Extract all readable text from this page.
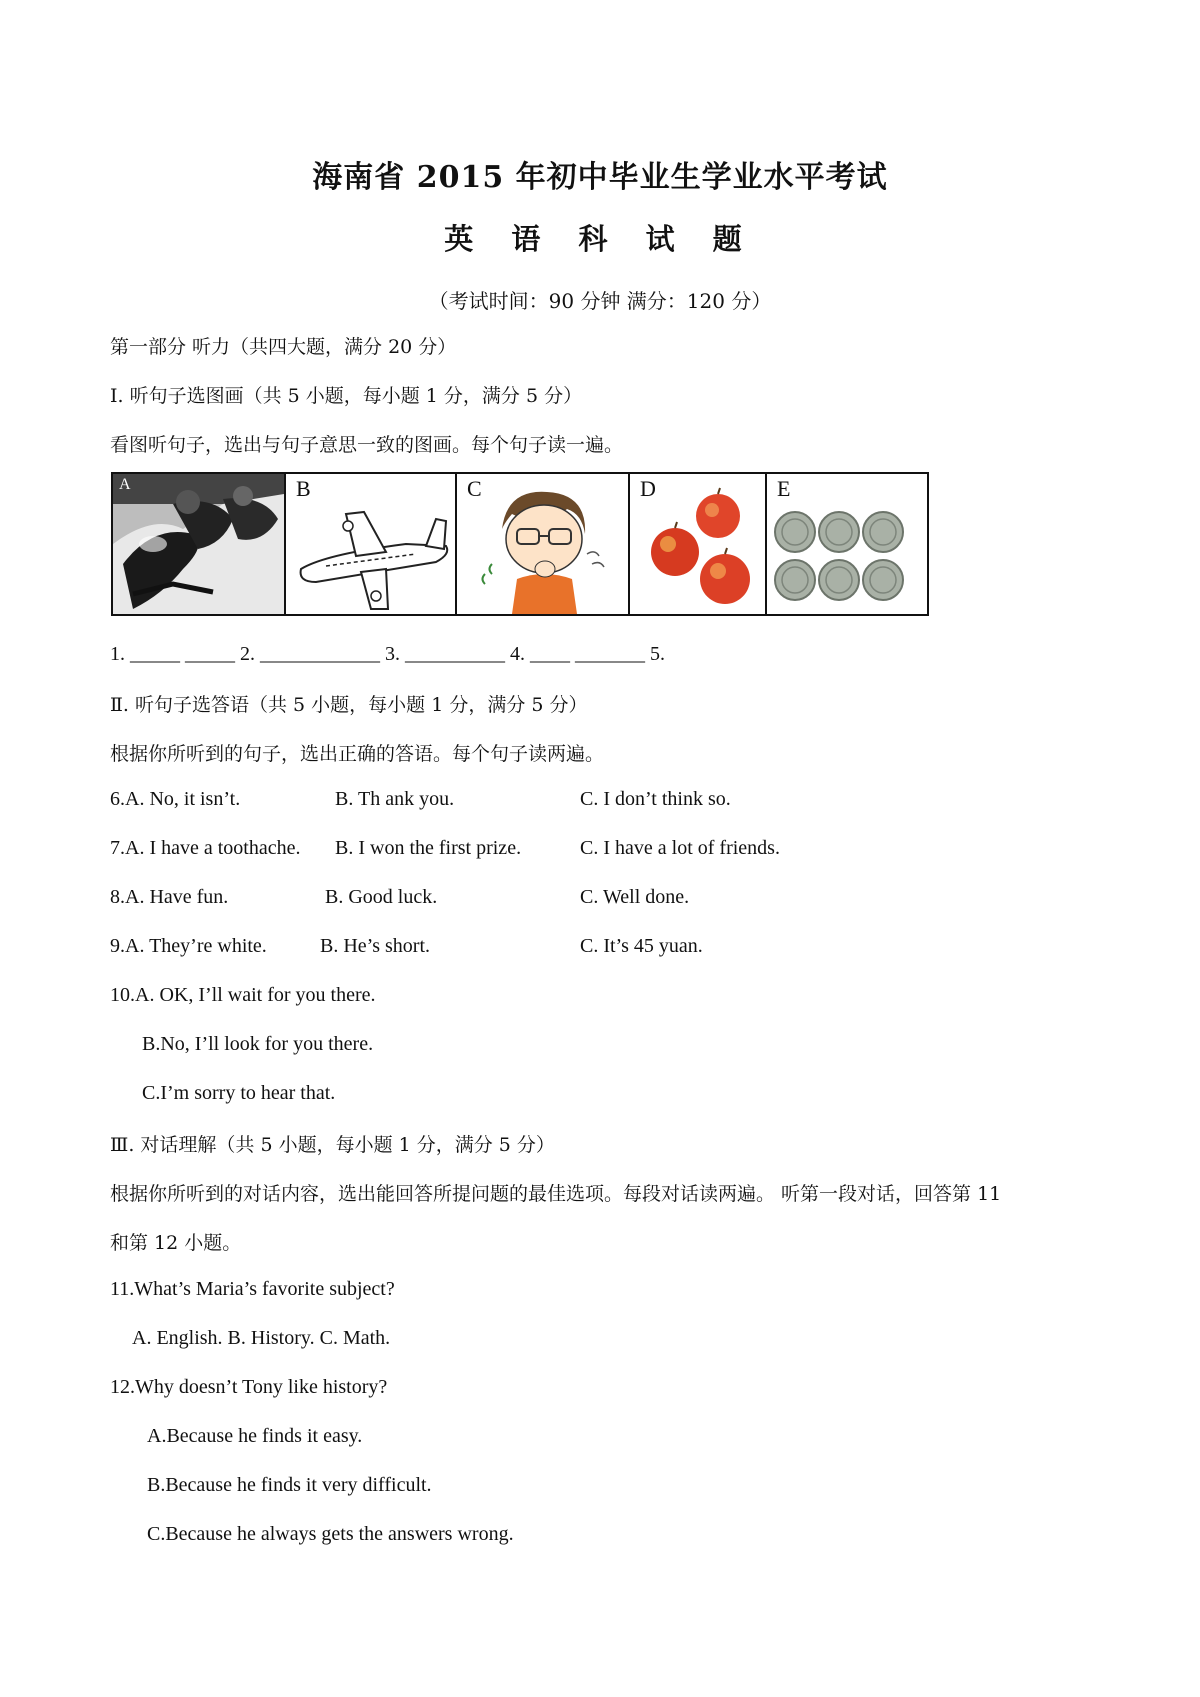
海南省 2015 年初中毕业生学业水平考试
英 语 科 试 题
（考试时间：90 分钟 满分：120 分）
第一部分 听力（共四大题，满分 20 分）
I. 听句子选图画（共 5 小题，每小题 1 分，满分 5 分）
看图听句子，选出与句子意思一致的图画。每个句子读一遍。
A	B	C	D	E
1. _____ _____ 2. ____________ 3. __________ 4. ____ _______ 5.
Ⅱ. 听句子选答语（共 5 小题，每小题 1 分，满分 5 分）
根据你所听到的句子，选出正确的答语。每个句子读两遍。
6.A. No, it isn’t.	B. Th ank you.	C. I don’t think so.
7.A. I have a toothache. B. I won the first prize.	C. I have a lot of friends.
8.A. Have fun.	B. Good luck.	C. Well done.
9.A. They’re white.	B. He’s short.	C. It’s 45 yuan.
10.A. OK, I’ll wait for you there.
B.No, I’ll look for you there.
C.I’m sorry to hear that.
Ⅲ. 对话理解（共 5 小题，每小题 1 分，满分 5 分）
根据你所听到的对话内容，选出能回答所提问题的最佳选项。每段对话读两遍。 听第一段对话，回答第 11
和第 12 小题。
11.What’s Maria’s favorite subject?
A. English. B. History. C. Math.
12.Why doesn’t Tony like history?
A.Because he finds it easy.
B.Because he finds it very difficult.
C.Because he always gets the answers wrong.
